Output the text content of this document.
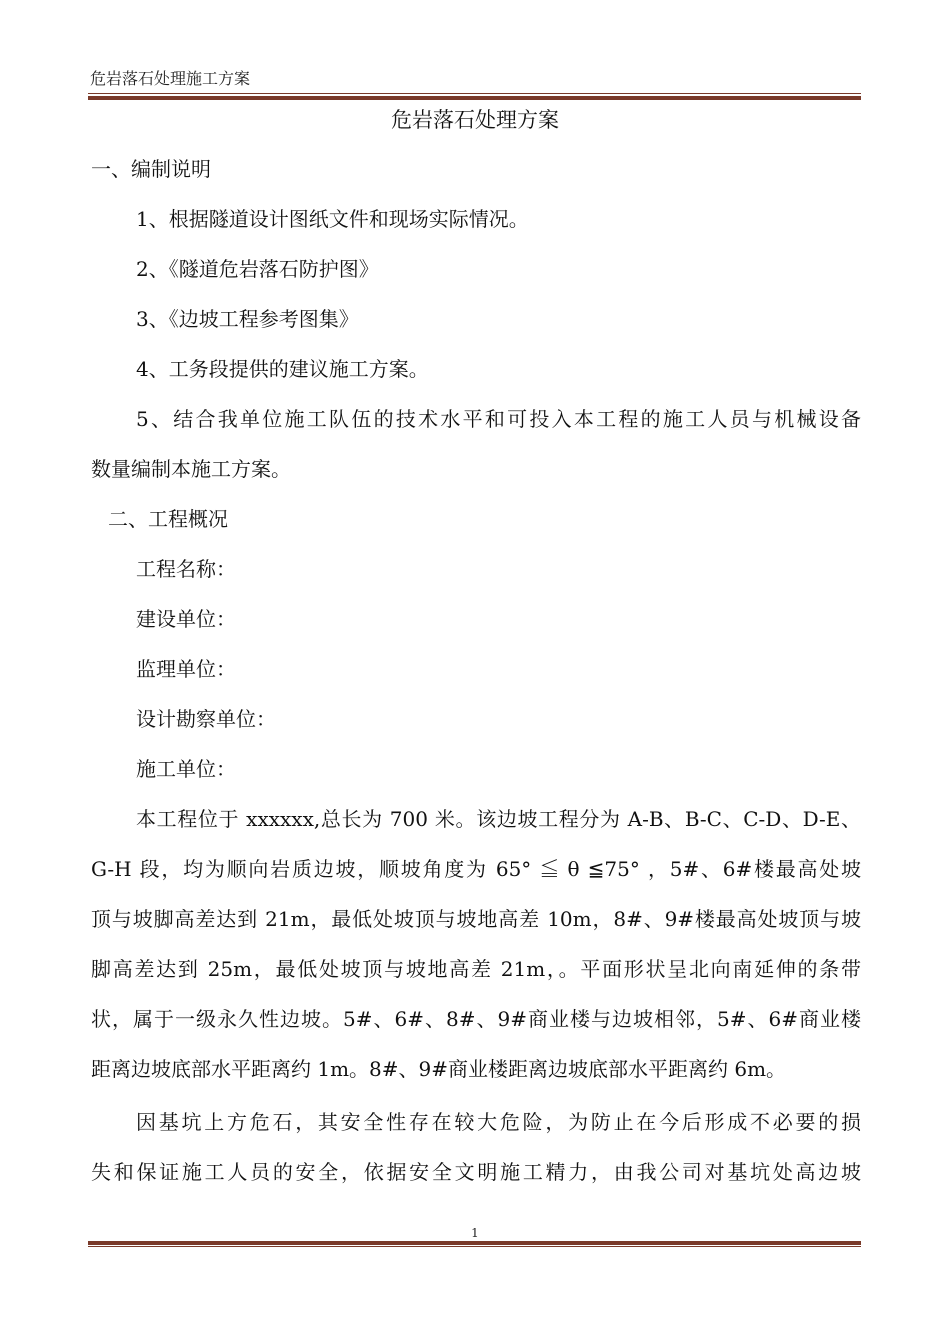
危岩落石处理施工方案
危岩落石处理方案
一、编制说明
1、根据隧道设计图纸文件和现场实际情况。
2、《隧道危岩落石防护图》
3、《边坡工程参考图集》
4、工务段提供的建议施工方案。
5、结合我单位施工队伍的技术水平和可投入本工程的施工人员与机械设备
数量编制本施工方案。
二、工程概况
工程名称：
建设单位：
监理单位：
设计勘察单位：
施工单位：
本工程位于 xxxxxx,总长为 700 米。该边坡工程分为 A-B、B-C、C-D、D-E、
G-H 段，均为顺向岩质边坡，顺坡角度为 65° ≦ θ ≦75° ，5#、6#楼最高处坡
顶与坡脚高差达到 21m，最低处坡顶与坡地高差 10m，8#、9#楼最高处坡顶与坡
脚高差达到 25m，最低处坡顶与坡地高差 21m，。平面形状呈北向南延伸的条带
状，属于一级永久性边坡。5#、6#、8#、9#商业楼与边坡相邻，5#、6#商业楼
距离边坡底部水平距离约 1m。8#、9#商业楼距离边坡底部水平距离约 6m。
因基坑上方危石，其安全性存在较大危险，为防止在今后形成不必要的损
失和保证施工人员的安全，依据安全文明施工精力，由我公司对基坑处高边坡
1
